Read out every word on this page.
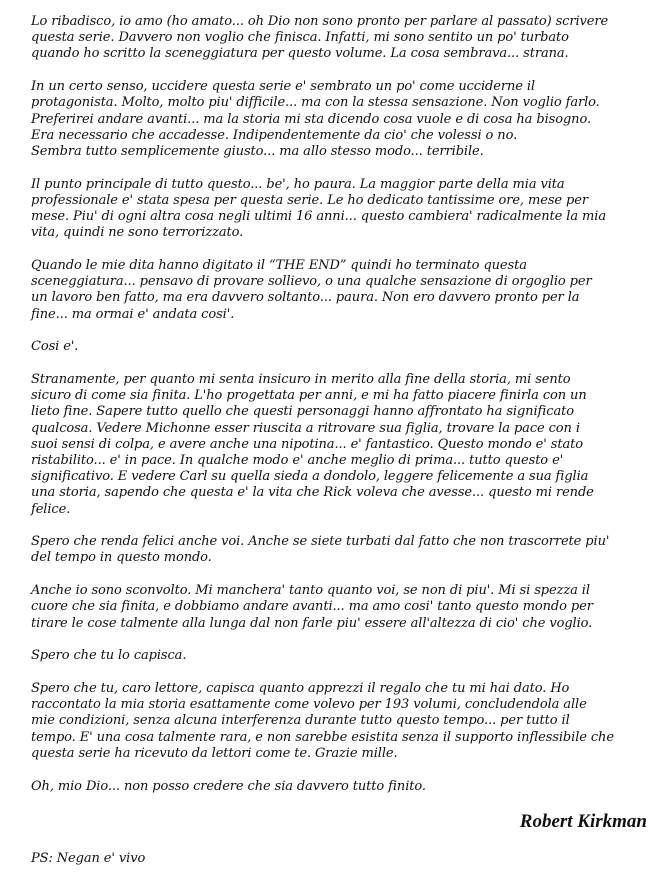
Lo ribadisco, io amo (ho amato... oh Dio non sono pronto per parlare al passato) scrivere
questa serie. Davvero non voglio che finisca. Infatti, mi sono sentito un po' turbato
quando ho scritto la sceneggiatura per questo volume. La cosa sembrava... strana.

In un certo senso, uccidere questa serie e' sembrato un po' come ucciderne il
protagonista. Molto, molto piu' difficile... ma con la stessa sensazione. Non voglio farlo.
Preferirei andare avanti... ma la storia mi sta dicendo cosa vuole e di cosa ha bisogno.
Era necessario che accadesse. Indipendentemente da cio' che volessi o no.
Sembra tutto semplicemente giusto... ma allo stesso modo... terribile.

Il punto principale di tutto questo... be', ho paura. La maggior parte della mia vita
professionale e' stata spesa per questa serie. Le ho dedicato tantissime ore, mese per
mese. Piu' di ogni altra cosa negli ultimi 16 anni... questo cambiera' radicalmente la mia
vita, quindi ne sono terrorizzato.

Quando le mie dita hanno digitato il “THE END” quindi ho terminato questa
sceneggiatura... pensavo di provare sollievo, o una qualche sensazione di orgoglio per
un lavoro ben fatto, ma era davvero soltanto... paura. Non ero davvero pronto per la
fine... ma ormai e' andata cosi'.

Cosi e'.

Stranamente, per quanto mi senta insicuro in merito alla fine della storia, mi sento
sicuro di come sia finita. L'ho progettata per anni, e mi ha fatto piacere finirla con un
lieto fine. Sapere tutto quello che questi personaggi hanno affrontato ha significato
qualcosa. Vedere Michonne esser riuscita a ritrovare sua figlia, trovare la pace con i
suoi sensi di colpa, e avere anche una nipotina... e' fantastico. Questo mondo e' stato
ristabilito... e' in pace. In qualche modo e' anche meglio di prima... tutto questo e'
significativo. E vedere Carl su quella sieda a dondolo, leggere felicemente a sua figlia
una storia, sapendo che questa e' la vita che Rick voleva che avesse... questo mi rende
felice.

Spero che renda felici anche voi. Anche se siete turbati dal fatto che non trascorrete piu'
del tempo in questo mondo.

Anche io sono sconvolto. Mi manchera' tanto quanto voi, se non di piu'. Mi si spezza il
cuore che sia finita, e dobbiamo andare avanti... ma amo cosi' tanto questo mondo per
tirare le cose talmente alla lunga dal non farle piu' essere all'altezza di cio' che voglio.

Spero che tu lo capisca.

Spero che tu, caro lettore, capisca quanto apprezzi il regalo che tu mi hai dato. Ho
raccontato la mia storia esattamente come volevo per 193 volumi, concludendola alle
mie condizioni, senza alcuna interferenza durante tutto questo tempo... per tutto il
tempo. E' una cosa talmente rara, e non sarebbe esistita senza il supporto inflessibile che
questa serie ha ricevuto da lettori come te. Grazie mille.

Oh, mio Dio... non posso credere che sia davvero tutto finito.

Robert Kirkman

PS: Negan e' vivo
